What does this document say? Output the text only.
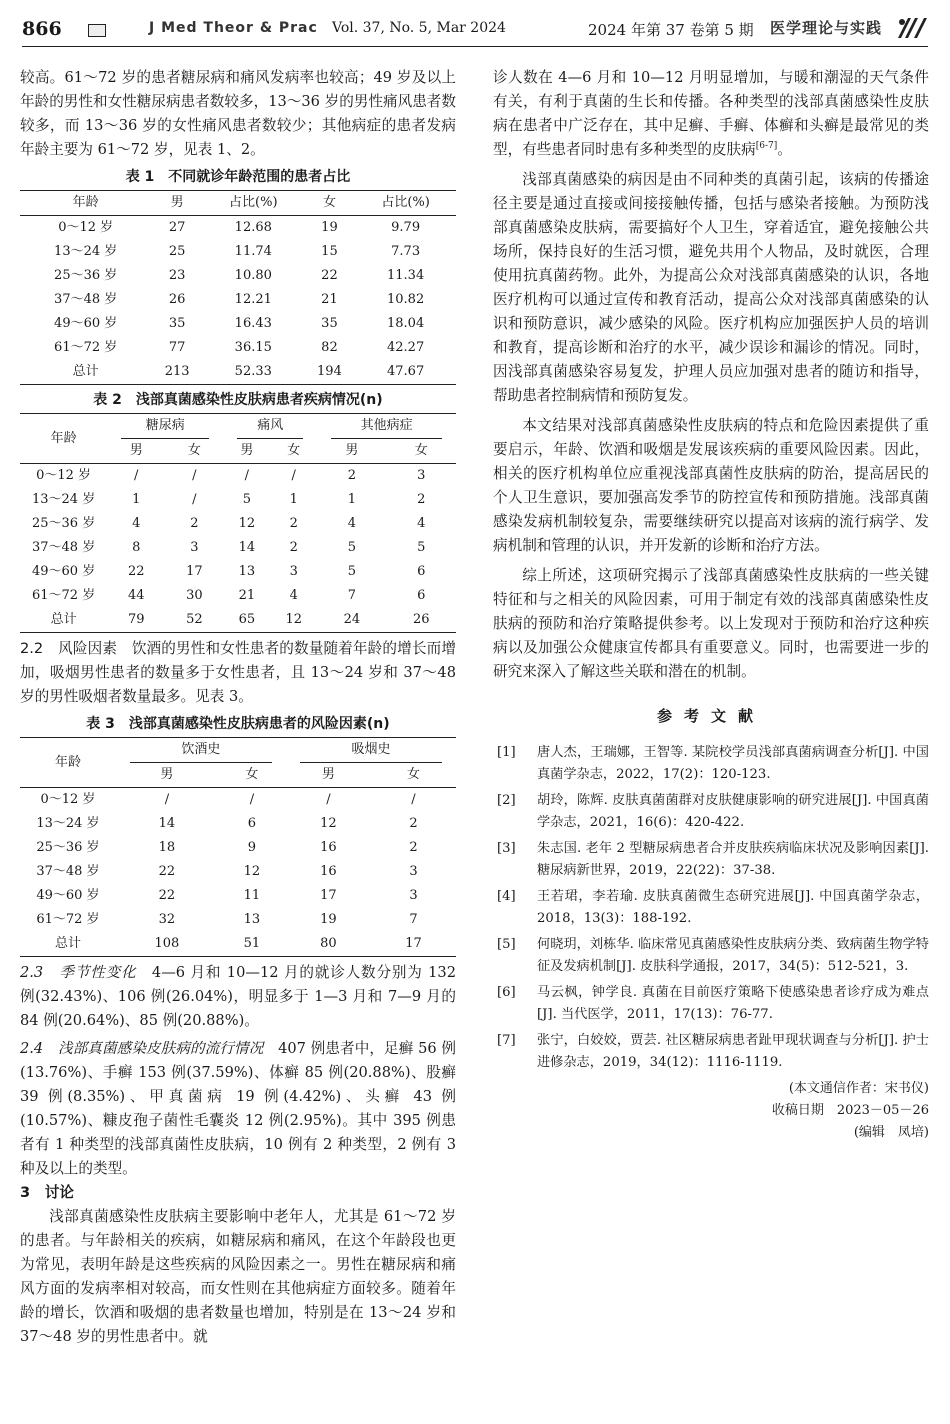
866	J Med Theor & Prac Vol. 37, No. 5, Mar 2024	2024 年第 37 卷第 5 期 医学理论与实践

较高。61～72 岁的患者糖尿病和痛风发病率也较高；49 岁及以上年龄的男性和女性糖尿病患者数较多，13～36 岁的男性痛风患者数较多，而 13～36 岁的女性痛风患者数较少；其他病症的患者发病年龄主要为 61～72 岁，见表 1、2。

表 1　不同就诊年龄范围的患者占比
年龄	男	占比(%)	女	占比(%)
0～12 岁	27	12.68	19	9.79
13～24 岁	25	11.74	15	7.73
25～36 岁	23	10.80	22	11.34
37～48 岁	26	12.21	21	10.82
49～60 岁	35	16.43	35	18.04
61～72 岁	77	36.15	82	42.27
总计	213	52.33	194	47.67
表 2　浅部真菌感染性皮肤病患者疾病情况(n)
年龄	糖尿病		痛风		其他病症	

	男	女	男	女	男	女
0～12 岁	/	/	/	/	2	3
13～24 岁	1	/	5	1	1	2
25～36 岁	4	2	12	2	4	4
37～48 岁	8	3	14	2	5	5
49～60 岁	22	17	13	3	5	6
61～72 岁	44	30	21	4	7	6
总计	79	52	65	12	24	26

2.2　风险因素　 饮酒的男性和女性患者的数量随着年龄的增长而增加，吸烟男性患者的数量多于女性患者，且 13～24 岁和 37～48 岁的男性吸烟者数量最多。见表 3。

表 3　浅部真菌感染性皮肤病患者的风险因素(n)
年龄	饮酒史		吸烟史	

	男	女	男	女
0～12 岁	/	/	/	/
13～24 岁	14	6	12	2
25～36 岁	18	9	16	2
37～48 岁	22	12	16	3
49～60 岁	22	11	17	3
61～72 岁	32	13	19	7
总计	108	51	80	17

2.3　季节性变化　 4—6 月和 10—12 月的就诊人数分别为 132 例(32.43%)、106 例(26.04%)，明显多于 1—3 月和 7—9 月的 84 例(20.64%)、85 例(20.88%)。

2.4　浅部真菌感染皮肤病的流行情况　 407 例患者中，足癣 56 例(13.76%)、手癣 153 例(37.59%)、体癣 85 例(20.88%)、股癣 39 例(8.35%)、甲真菌病 19 例(4.42%)、头癣 43 例(10.57%)、糠皮孢子菌性毛囊炎 12 例(2.95%)。其中 395 例患者有 1 种类型的浅部真菌性皮肤病，10 例有 2 种类型，2 例有 3 种及以上的类型。

3　讨论

浅部真菌感染性皮肤病主要影响中老年人，尤其是 61～72 岁的患者。与年龄相关的疾病，如糖尿病和痛风，在这个年龄段也更为常见，表明年龄是这些疾病的风险因素之一。男性在糖尿病和痛风方面的发病率相对较高，而女性则在其他病症方面较多。随着年龄的增长，饮酒和吸烟的患者数量也增加，特别是在 13～24 岁和 37～48 岁的男性患者中。就

诊人数在 4—6 月和 10—12 月明显增加，与暖和潮湿的天气条件有关，有利于真菌的生长和传播。各种类型的浅部真菌感染性皮肤病在患者中广泛存在，其中足癣、手癣、体癣和头癣是最常见的类型，有些患者同时患有多种类型的皮肤病[6-7]。

浅部真菌感染的病因是由不同种类的真菌引起，该病的传播途径主要是通过直接或间接接触传播，包括与感染者接触。为预防浅部真菌感染皮肤病，需要搞好个人卫生，穿着适宜，避免接触公共场所，保持良好的生活习惯，避免共用个人物品，及时就医，合理使用抗真菌药物。此外，为提高公众对浅部真菌感染的认识，各地医疗机构可以通过宣传和教育活动，提高公众对浅部真菌感染的认识和预防意识，减少感染的风险。医疗机构应加强医护人员的培训和教育，提高诊断和治疗的水平，减少误诊和漏诊的情况。同时，因浅部真菌感染容易复发，护理人员应加强对患者的随访和指导，帮助患者控制病情和预防复发。

本文结果对浅部真菌感染性皮肤病的特点和危险因素提供了重要启示，年龄、饮酒和吸烟是发展该疾病的重要风险因素。因此，相关的医疗机构单位应重视浅部真菌性皮肤病的防治，提高居民的个人卫生意识，要加强高发季节的防控宣传和预防措施。浅部真菌感染发病机制较复杂，需要继续研究以提高对该病的流行病学、发病机制和管理的认识，并开发新的诊断和治疗方法。

综上所述，这项研究揭示了浅部真菌感染性皮肤病的一些关键特征和与之相关的风险因素，可用于制定有效的浅部真菌感染性皮肤病的预防和治疗策略提供参考。以上发现对于预防和治疗这种疾病以及加强公众健康宣传都具有重要意义。同时，也需要进一步的研究来深入了解这些关联和潜在的机制。

参考文献
[1] 唐人杰，王瑞娜，王智等. 某院校学员浅部真菌病调查分析[J]. 中国真菌学杂志，2022，17(2)：120-123.
[2] 胡玲，陈辉. 皮肤真菌菌群对皮肤健康影响的研究进展[J]. 中国真菌学杂志，2021，16(6)：420-422.
[3] 朱志国. 老年 2 型糖尿病患者合并皮肤疾病临床状况及影响因素[J]. 糖尿病新世界，2019，22(22)：37-38.
[4] 王若珺，李若瑜. 皮肤真菌微生态研究进展[J]. 中国真菌学杂志，2018，13(3)：188-192.
[5] 何晓玥，刘栋华. 临床常见真菌感染性皮肤病分类、致病菌生物学特征及发病机制[J]. 皮肤科学通报，2017，34(5)：512-521，3.
[6] 马云枫，钟学良. 真菌在目前医疗策略下使感染患者诊疗成为难点[J]. 当代医学，2011，17(13)：76-77.
[7] 张宁，白姣姣，贾芸. 社区糖尿病患者趾甲现状调查与分析[J]. 护士进修杂志，2019，34(12)：1116-1119.
(本文通信作者：宋书仪)
收稿日期　2023－05－26
(编辑　凤培)
